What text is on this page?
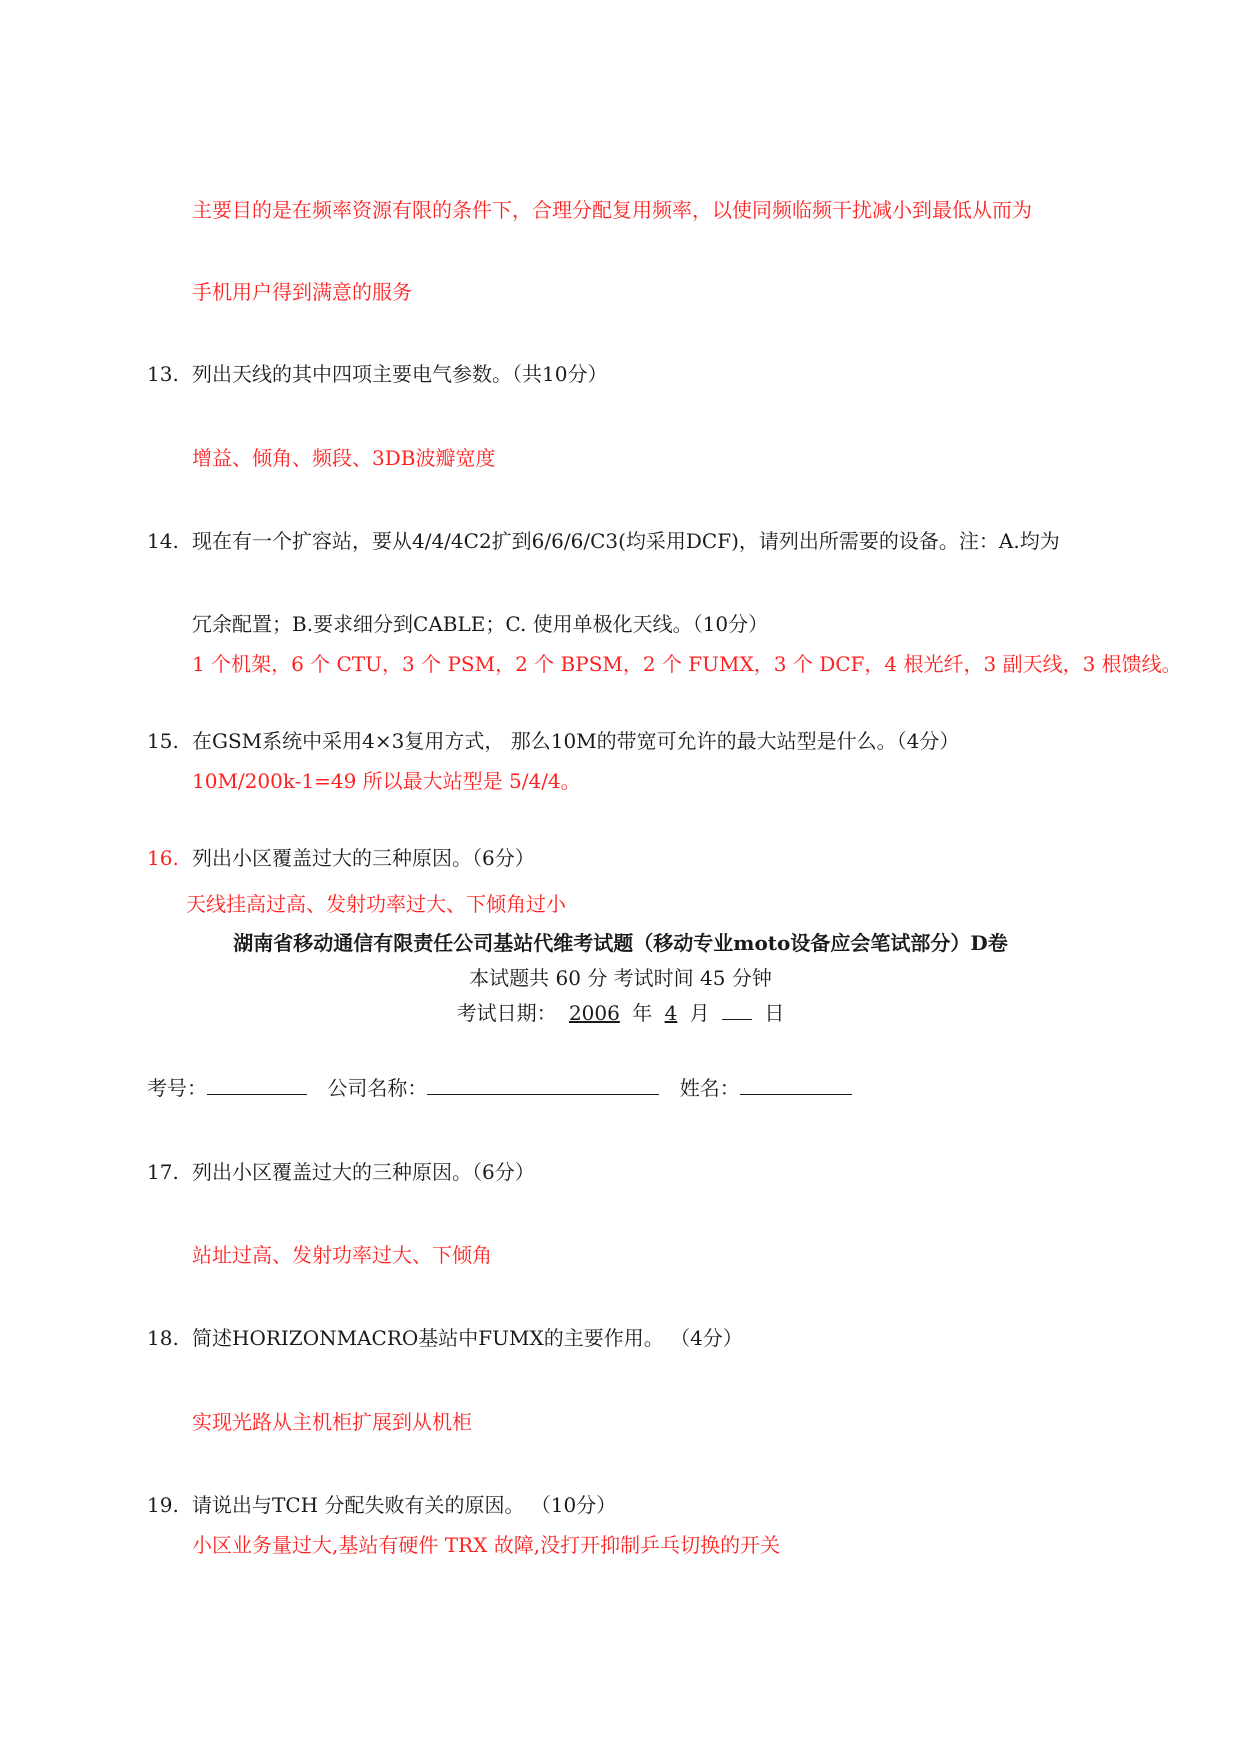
主要目的是在频率资源有限的条件下，合理分配复用频率，以使同频临频干扰减小到最低从而为
手机用户得到满意的服务
13. 列出天线的其中四项主要电气参数。（共10分）
增益、倾角、频段、3DB波瓣宽度
14. 现在有一个扩容站，要从4/4/4C2扩到6/6/6/C3(均采用DCF)，请列出所需要的设备。注：A.均为
冗余配置；B.要求细分到CABLE；C. 使用单极化天线。（10分）
1 个机架，6 个 CTU，3 个 PSM，2 个 BPSM，2 个 FUMX，3 个 DCF，4 根光纤，3 副天线，3 根馈线。
15. 在GSM系统中采用4×3复用方式， 那么10M的带宽可允许的最大站型是什么。（4分）
10M/200k-1=49 所以最大站型是 5/4/4。
16. 列出小区覆盖过大的三种原因。（6分）
天线挂高过高、发射功率过大、下倾角过小
湖南省移动通信有限责任公司基站代维考试题（移动专业moto设备应会笔试部分）D卷
本试题共 60 分 考试时间 45 分钟
考试日期： 2006 年 4 月	日
考号：	公司名称：	姓名：
17. 列出小区覆盖过大的三种原因。（6分）
站址过高、发射功率过大、下倾角
18. 简述HORIZONMACRO基站中FUMX的主要作用。 （4分）
实现光路从主机柜扩展到从机柜
19. 请说出与TCH 分配失败有关的原因。 （10分）
小区业务量过大,基站有硬件 TRX 故障,没打开抑制乒乓切换的开关
